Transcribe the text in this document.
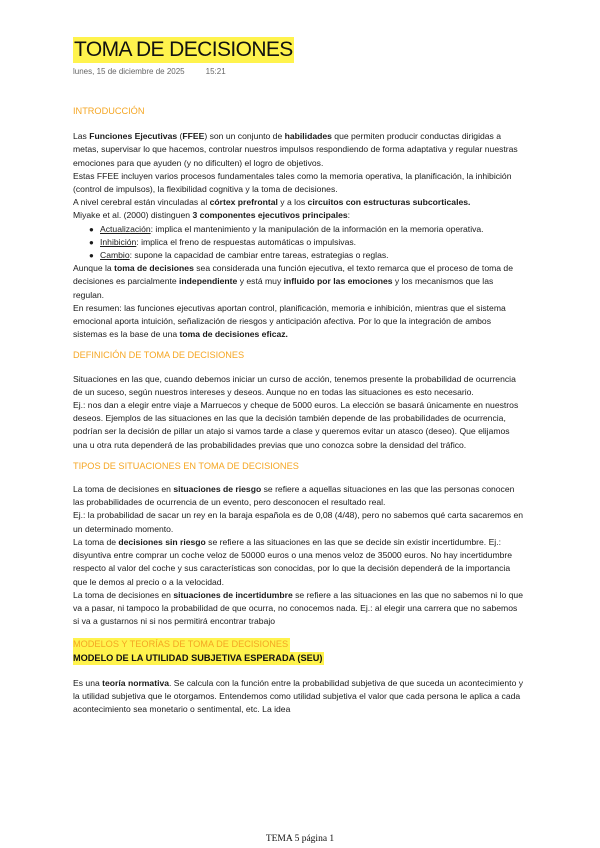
TOMA DE DECISIONES
lunes, 15 de diciembre de 2025	15:21

INTRODUCCIÓN

Las Funciones Ejecutivas (FFEE) son un conjunto de habilidades que permiten producir conductas dirigidas a metas, supervisar lo que hacemos, controlar nuestros impulsos respondiendo de forma adaptativa y regular nuestras emociones para que ayuden (y no dificulten) el logro de objetivos.

Estas FFEE incluyen varios procesos fundamentales tales como la memoria operativa, la planificación, la inhibición (control de impulsos), la flexibilidad cognitiva y la toma de decisiones.

A nivel cerebral están vinculadas al córtex prefrontal y a los circuitos con estructuras subcorticales.

Miyake et al. (2000) distinguen 3 componentes ejecutivos principales:

● Actualización: implica el mantenimiento y la manipulación de la información en la memoria operativa.
● Inhibición: implica el freno de respuestas automáticas o impulsivas.
● Cambio: supone la capacidad de cambiar entre tareas, estrategias o reglas.

Aunque la toma de decisiones sea considerada una función ejecutiva, el texto remarca que el proceso de toma de decisiones es parcialmente independiente y está muy influido por las emociones y los mecanismos que las regulan.

En resumen: las funciones ejecutivas aportan control, planificación, memoria e inhibición, mientras que el sistema emocional aporta intuición, señalización de riesgos y anticipación afectiva. Por lo que la integración de ambos sistemas es la base de una toma de decisiones eficaz.

DEFINICIÓN DE TOMA DE DECISIONES

Situaciones en las que, cuando debemos iniciar un curso de acción, tenemos presente la probabilidad de ocurrencia de un suceso, según nuestros intereses y deseos. Aunque no en todas las situaciones es esto necesario.

Ej.: nos dan a elegir entre viaje a Marruecos y cheque de 5000 euros. La elección se basará únicamente en nuestros deseos. Ejemplos de las situaciones en las que la decisión también depende de las probabilidades de ocurrencia, podrían ser la decisión de pillar un atajo si vamos tarde a clase y queremos evitar un atasco (deseo). Que elijamos una u otra ruta dependerá de las probabilidades previas que uno conozca sobre la densidad del tráfico.

TIPOS DE SITUACIONES EN TOMA DE DECISIONES

La toma de decisiones en situaciones de riesgo se refiere a aquellas situaciones en las que las personas conocen las probabilidades de ocurrencia de un evento, pero desconocen el resultado real.

Ej.: la probabilidad de sacar un rey en la baraja española es de 0,08 (4/48), pero no sabemos qué carta sacaremos en un determinado momento.

La toma de decisiones sin riesgo se refiere a las situaciones en las que se decide sin existir incertidumbre. Ej.: disyuntiva entre comprar un coche veloz de 50000 euros o una menos veloz de 35000 euros. No hay incertidumbre respecto al valor del coche y sus características son conocidas, por lo que la decisión dependerá de la importancia que le demos al precio o a la velocidad.

La toma de decisiones en situaciones de incertidumbre se refiere a las situaciones en las que no sabemos ni lo que va a pasar, ni tampoco la probabilidad de que ocurra, no conocemos nada. Ej.: al elegir una carrera que no sabemos si va a gustarnos ni si nos permitirá encontrar trabajo

MODELOS Y TEORÍAS DE TOMA DE DECISIONES
MODELO DE LA UTILIDAD SUBJETIVA ESPERADA (SEU)

Es una teoría normativa. Se calcula con la función entre la probabilidad subjetiva de que suceda un acontecimiento y la utilidad subjetiva que le otorgamos. Entendemos como utilidad subjetiva el valor que cada persona le aplica a cada acontecimiento sea monetario o sentimental, etc. La idea

TEMA 5 página 1
